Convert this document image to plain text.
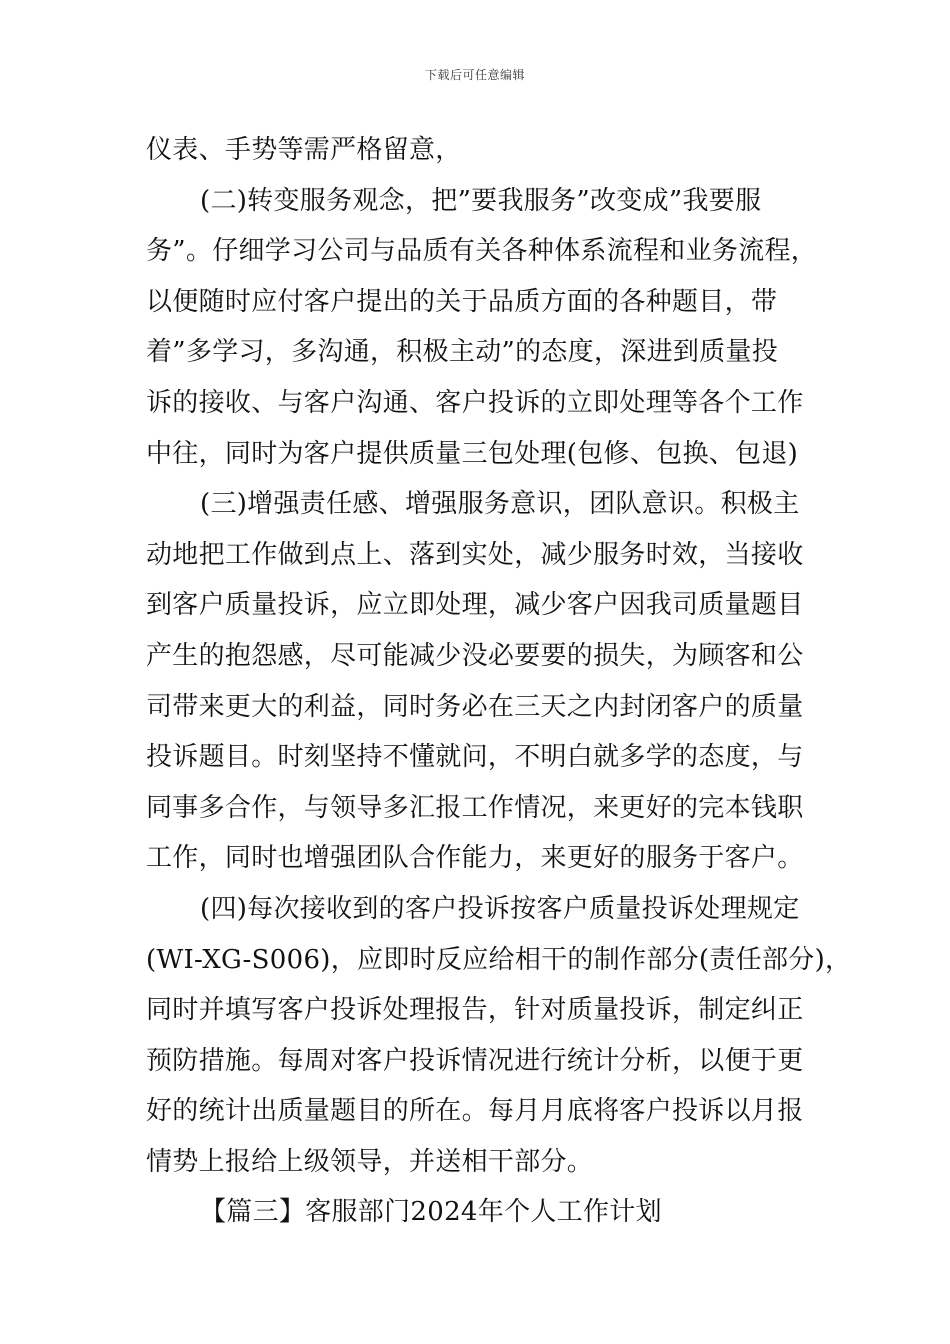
下载后可任意编辑
仪表、手势等需严格留意，
(二)转变服务观念，把”要我服务”改变成”我要服
务”。仔细学习公司与品质有关各种体系流程和业务流程，
以便随时应付客户提出的关于品质方面的各种题目，带
着”多学习，多沟通，积极主动”的态度，深进到质量投
诉的接收、与客户沟通、客户投诉的立即处理等各个工作
中往，同时为客户提供质量三包处理(包修、包换、包退)
(三)增强责任感、增强服务意识，团队意识。积极主
动地把工作做到点上、落到实处，减少服务时效，当接收
到客户质量投诉，应立即处理，减少客户因我司质量题目
产生的抱怨感，尽可能减少没必要要的损失，为顾客和公
司带来更大的利益，同时务必在三天之内封闭客户的质量
投诉题目。时刻坚持不懂就问，不明白就多学的态度，与
同事多合作，与领导多汇报工作情况，来更好的完本钱职
工作，同时也增强团队合作能力，来更好的服务于客户。
(四)每次接收到的客户投诉按客户质量投诉处理规定
(WI-XG-S006)，应即时反应给相干的制作部分(责任部分)，
同时并填写客户投诉处理报告，针对质量投诉，制定纠正
预防措施。每周对客户投诉情况进行统计分析，以便于更
好的统计出质量题目的所在。每月月底将客户投诉以月报
情势上报给上级领导，并送相干部分。
【篇三】客服部门2024年个人工作计划
